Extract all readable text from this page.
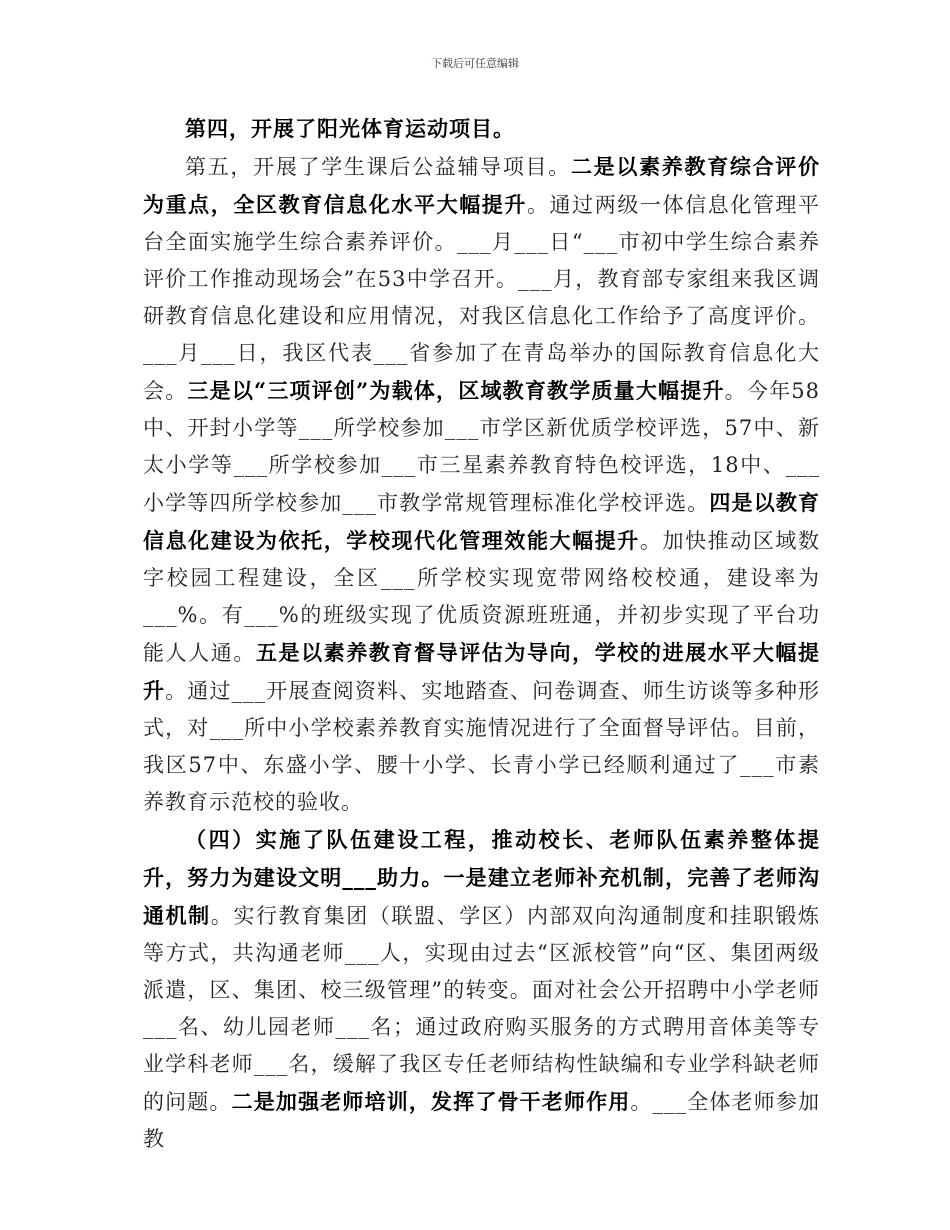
下载后可任意编辑

第四，开展了阳光体育运动项目。

第五，开展了学生课后公益辅导项目。二是以素养教育综合评价为重点，全区教育信息化水平大幅提升。通过两级一体信息化管理平台全面实施学生综合素养评价。___月___日“___市初中学生综合素养评价工作推动现场会”在53中学召开。___月，教育部专家组来我区调研教育信息化建设和应用情况，对我区信息化工作给予了高度评价。___月___日，我区代表___省参加了在青岛举办的国际教育信息化大会。三是以“三项评创”为载体，区域教育教学质量大幅提升。今年58中、开封小学等___所学校参加___市学区新优质学校评选，57中、新太小学等___所学校参加___市三星素养教育特色校评选，18中、___小学等四所学校参加___市教学常规管理标准化学校评选。四是以教育信息化建设为依托，学校现代化管理效能大幅提升。加快推动区域数字校园工程建设，全区___所学校实现宽带网络校校通，建设率为___%。有___%的班级实现了优质资源班班通，并初步实现了平台功能人人通。五是以素养教育督导评估为导向，学校的进展水平大幅提升。通过___开展查阅资料、实地踏查、问卷调查、师生访谈等多种形式，对___所中小学校素养教育实施情况进行了全面督导评估。目前，我区57中、东盛小学、腰十小学、长青小学已经顺利通过了___市素养教育示范校的验收。

（四）实施了队伍建设工程，推动校长、老师队伍素养整体提升，努力为建设文明___助力。一是建立老师补充机制，完善了老师沟通机制。实行教育集团（联盟、学区）内部双向沟通制度和挂职锻炼等方式，共沟通老师___人，实现由过去“区派校管”向“区、集团两级派遣，区、集团、校三级管理”的转变。面对社会公开招聘中小学老师___名、幼儿园老师___名；通过政府购买服务的方式聘用音体美等专业学科老师___名，缓解了我区专任老师结构性缺编和专业学科缺老师的问题。二是加强老师培训，发挥了骨干老师作用。___全体老师参加教
